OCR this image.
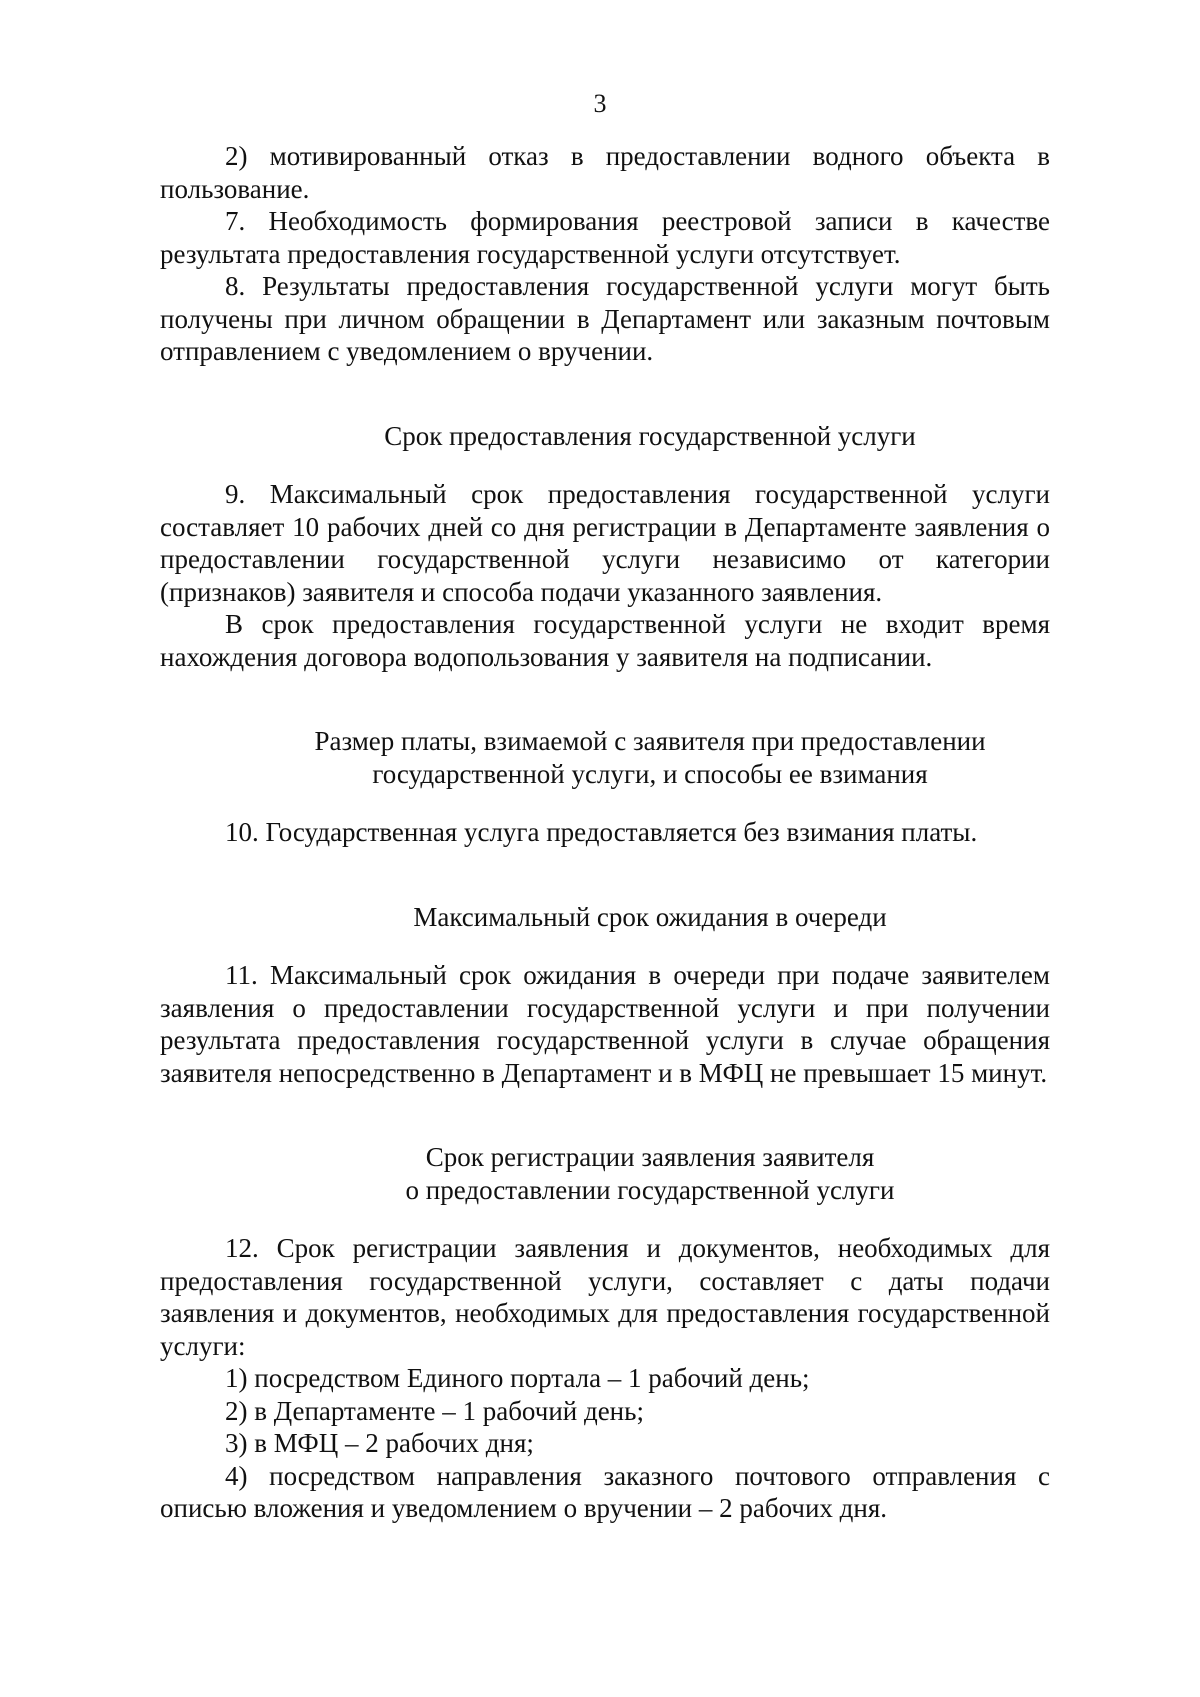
3

2) мотивированный отказ в предоставлении водного объекта в пользование.

7. Необходимость формирования реестровой записи в качестве результата предоставления государственной услуги отсутствует.

8. Результаты предоставления государственной услуги могут быть получены при личном обращении в Департамент или заказным почтовым отправлением с уведомлением о вручении.

Срок предоставления государственной услуги

9. Максимальный срок предоставления государственной услуги составляет 10 рабочих дней со дня регистрации в Департаменте заявления о предоставлении государственной услуги независимо от категории (признаков) заявителя и способа подачи указанного заявления.

В срок предоставления государственной услуги не входит время нахождения договора водопользования у заявителя на подписании.

Размер платы, взимаемой с заявителя при предоставлении

государственной услуги, и способы ее взимания

10. Государственная услуга предоставляется без взимания платы.

Максимальный срок ожидания в очереди

11. Максимальный срок ожидания в очереди при подаче заявителем заявления о предоставлении государственной услуги и при получении результата предоставления государственной услуги в случае обращения заявителя непосредственно в Департамент и в МФЦ не превышает 15 минут.

Срок регистрации заявления заявителя

о предоставлении государственной услуги

12. Срок регистрации заявления и документов, необходимых для предоставления государственной услуги, составляет с даты подачи заявления и документов, необходимых для предоставления государственной услуги:

1) посредством Единого портала – 1 рабочий день;

2) в Департаменте – 1 рабочий день;

3) в МФЦ – 2 рабочих дня;

4) посредством направления заказного почтового отправления с описью вложения и уведомлением о вручении – 2 рабочих дня.
